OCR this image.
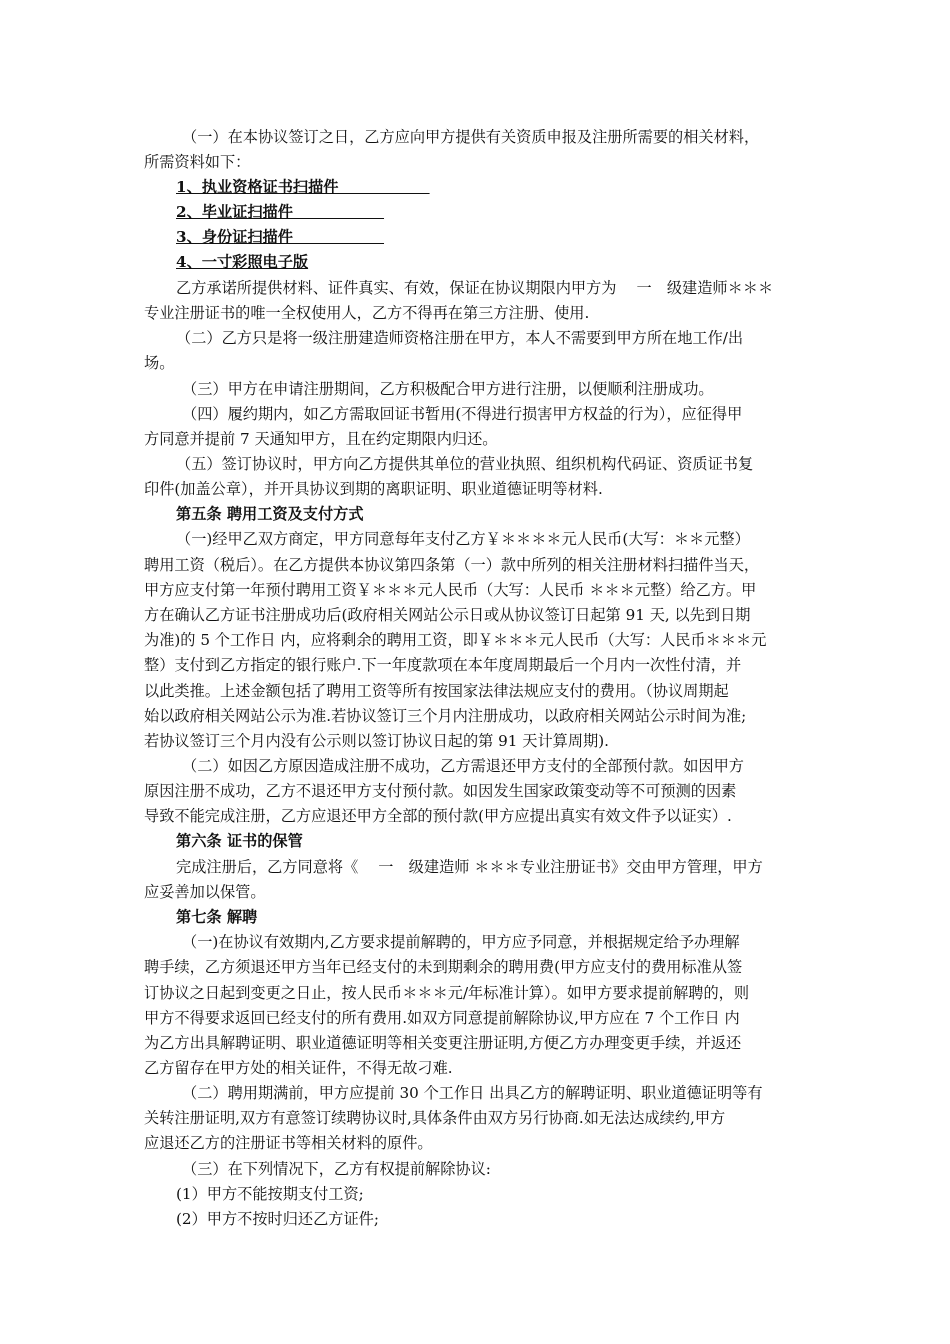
（一）在本协议签订之日，乙方应向甲方提供有关资质申报及注册所需要的相关材料，
所需资料如下：
1、执业资格证书扫描件　　　　　　
2、毕业证扫描件　　　　　　
3、身份证扫描件　　　　　　
4、一寸彩照电子版
乙方承诺所提供材料、证件真实、有效，保证在协议期限内甲方为 　一　级建造师＊＊＊
专业注册证书的唯一全权使用人，乙方不得再在第三方注册、使用.
（二）乙方只是将一级注册建造师资格注册在甲方，本人不需要到甲方所在地工作/出
场。
（三）甲方在申请注册期间，乙方积极配合甲方进行注册，以便顺利注册成功。
（四）履约期内，如乙方需取回证书暂用(不得进行损害甲方权益的行为），应征得甲
方同意并提前 7 天通知甲方，且在约定期限内归还。
（五）签订协议时，甲方向乙方提供其单位的营业执照、组织机构代码证、资质证书复
印件(加盖公章），并开具协议到期的离职证明、职业道德证明等材料.
第五条 聘用工资及支付方式
（一)经甲乙双方商定，甲方同意每年支付乙方￥＊＊＊＊元人民币(大写：＊＊元整）
聘用工资（税后）。在乙方提供本协议第四条第（一）款中所列的相关注册材料扫描件当天，
甲方应支付第一年预付聘用工资￥＊＊＊元人民币（大写：人民币 ＊＊＊元整）给乙方。甲
方在确认乙方证书注册成功后(政府相关网站公示日或从协议签订日起第 91 天, 以先到日期
为准)的 5 个工作日 内，应将剩余的聘用工资，即￥＊＊＊元人民币（大写：人民币＊＊＊元
整）支付到乙方指定的银行账户.下一年度款项在本年度周期最后一个月内一次性付清，并
以此类推。上述金额包括了聘用工资等所有按国家法律法规应支付的费用。（协议周期起
始以政府相关网站公示为准.若协议签订三个月内注册成功，以政府相关网站公示时间为准;
若协议签订三个月内没有公示则以签订协议日起的第 91 天计算周期).
（二）如因乙方原因造成注册不成功，乙方需退还甲方支付的全部预付款。如因甲方
原因注册不成功，乙方不退还甲方支付预付款。如因发生国家政策变动等不可预测的因素
导致不能完成注册，乙方应退还甲方全部的预付款(甲方应提出真实有效文件予以证实）.
第六条 证书的保管
完成注册后，乙方同意将《 　一　级建造师 ＊＊＊专业注册证书》交由甲方管理，甲方
应妥善加以保管。
第七条 解聘
（一)在协议有效期内,乙方要求提前解聘的，甲方应予同意，并根据规定给予办理解
聘手续，乙方须退还甲方当年已经支付的未到期剩余的聘用费(甲方应支付的费用标准从签
订协议之日起到变更之日止，按人民币＊＊＊元/年标准计算）。如甲方要求提前解聘的，则
甲方不得要求返回已经支付的所有费用.如双方同意提前解除协议,甲方应在 7 个工作日 内
为乙方出具解聘证明、职业道德证明等相关变更注册证明,方便乙方办理变更手续，并返还
乙方留存在甲方处的相关证件，不得无故刁难.
（二）聘用期满前，甲方应提前 30 个工作日 出具乙方的解聘证明、职业道德证明等有
关转注册证明,双方有意签订续聘协议时,具体条件由双方另行协商.如无法达成续约,甲方
应退还乙方的注册证书等相关材料的原件。
（三）在下列情况下，乙方有权提前解除协议:
(1）甲方不能按期支付工资;
(2）甲方不按时归还乙方证件;
